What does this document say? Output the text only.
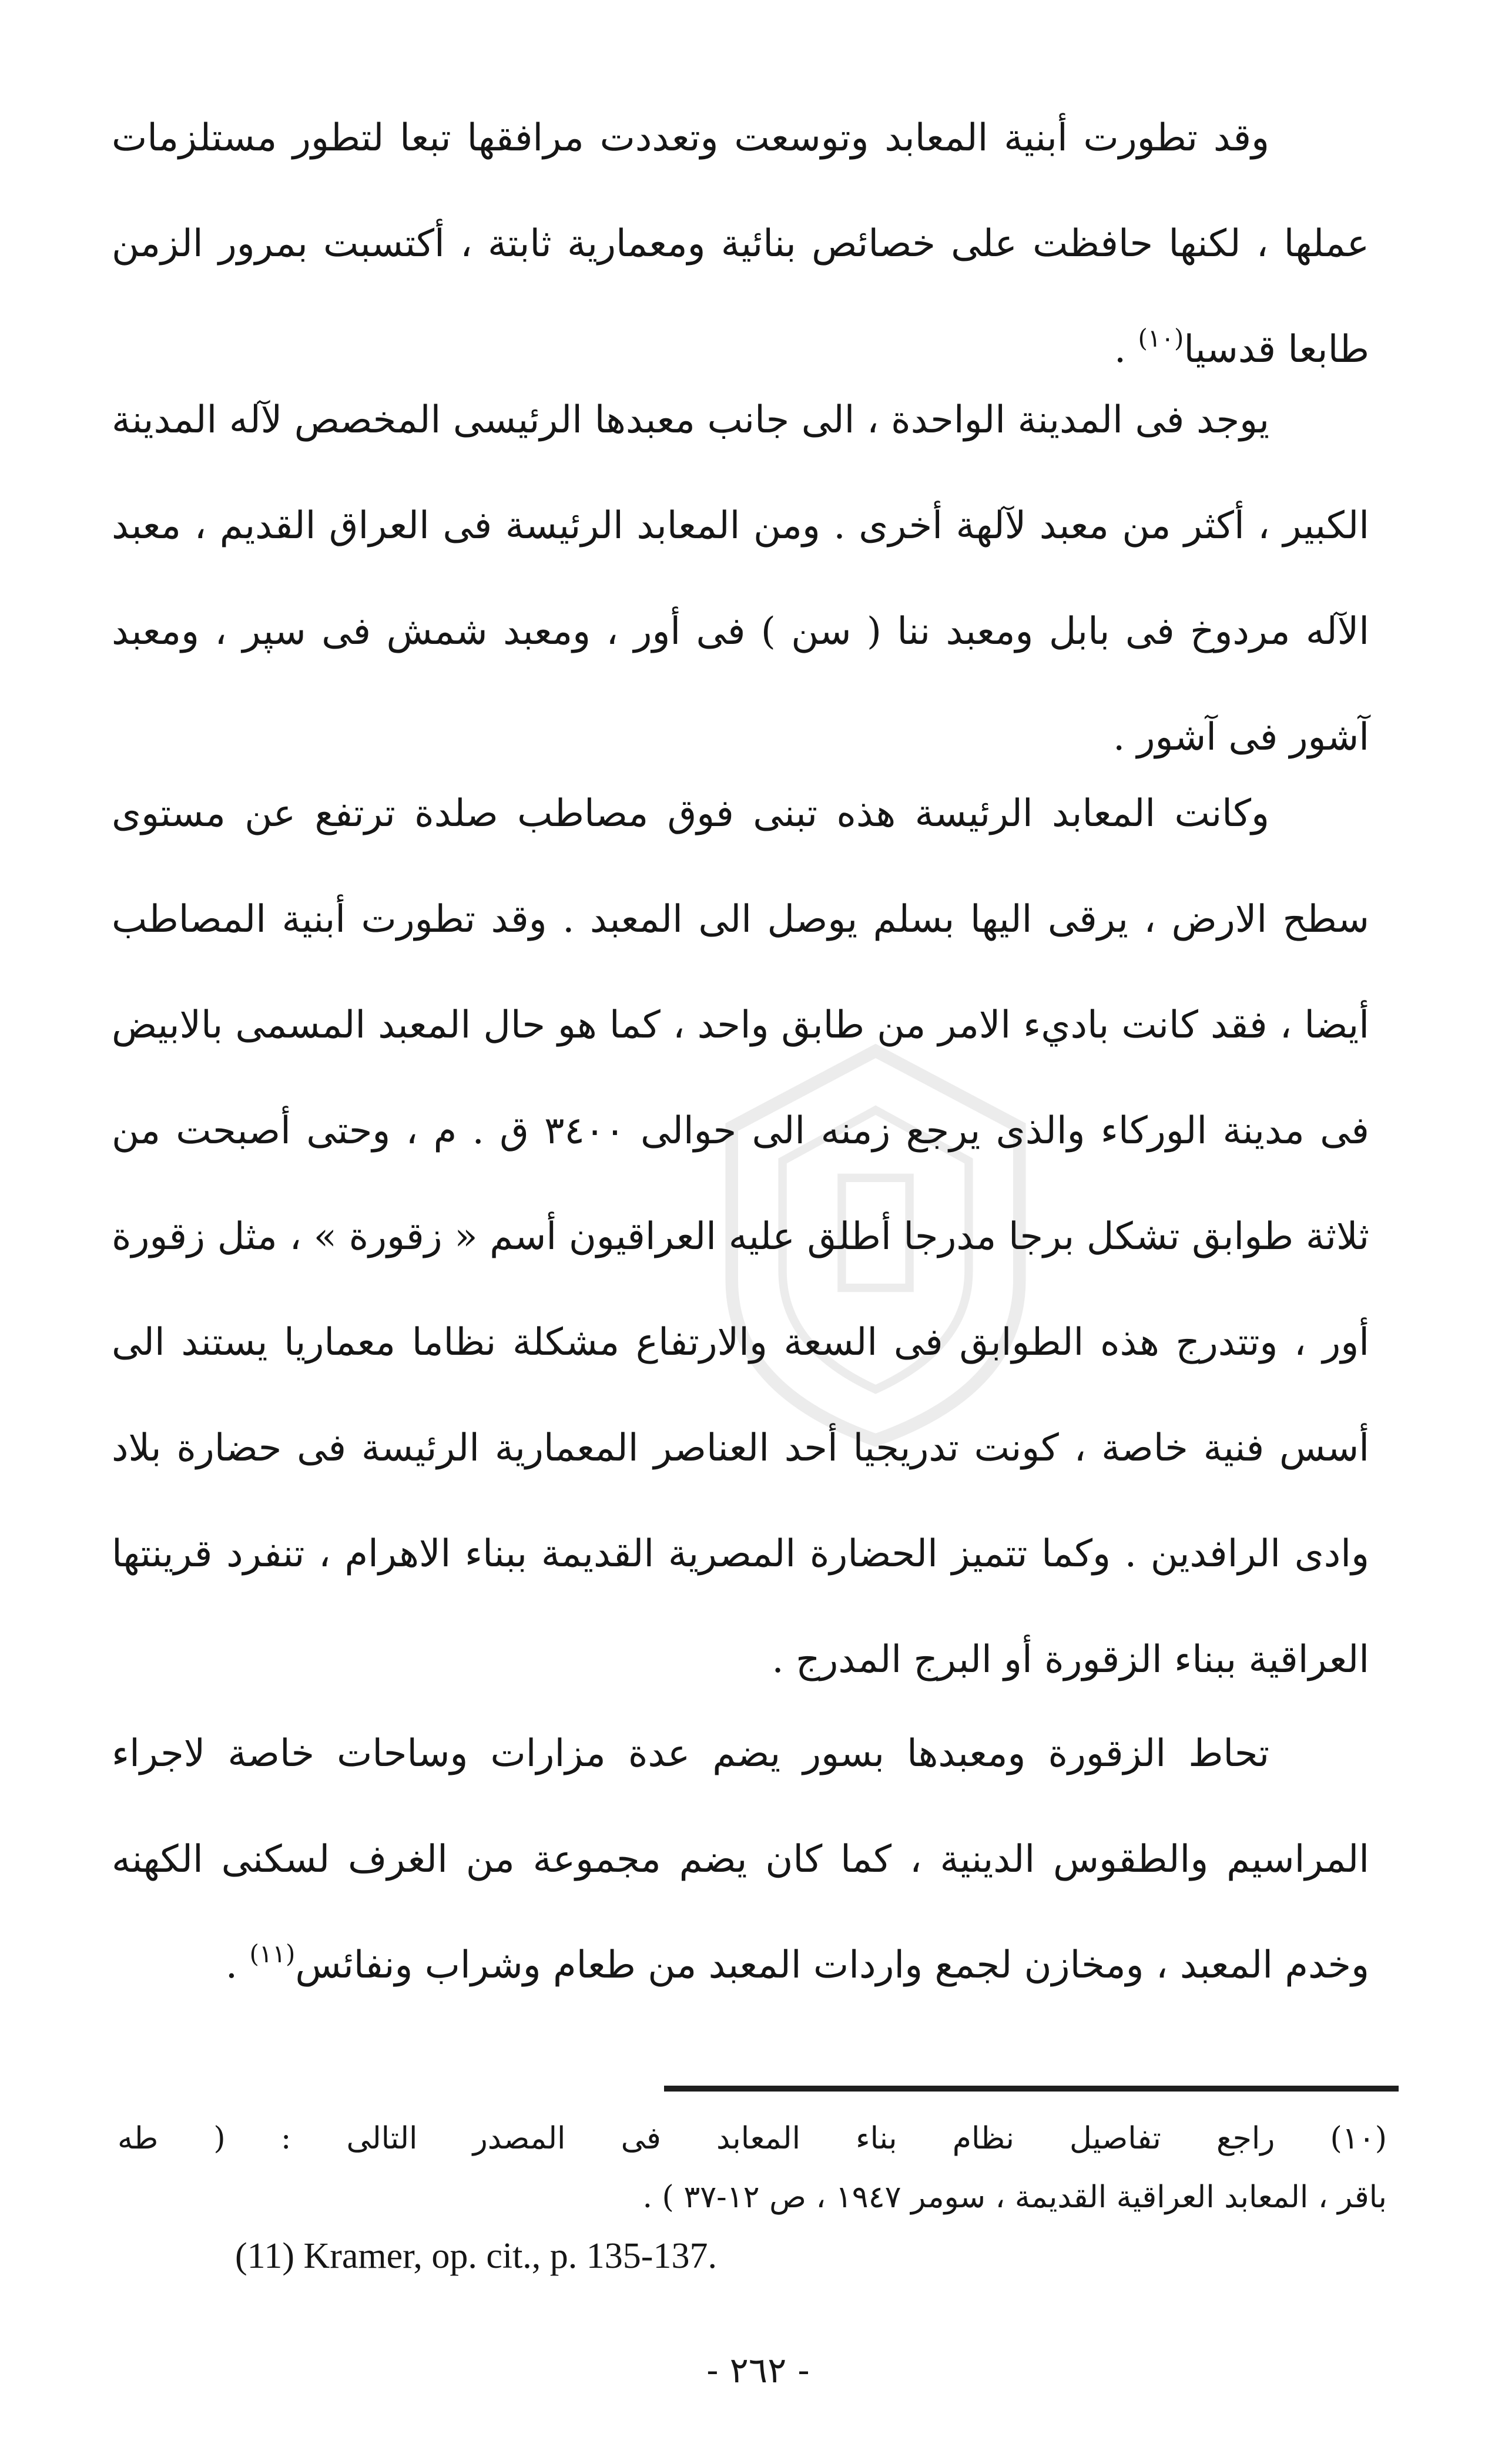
وقد تطورت أبنية المعابد وتوسعت وتعددت مرافقها تبعا لتطور مستلزمات عملها ، لكنها حافظت على خصائص بنائية ومعمارية ثابتة ، أكتسبت بمرور الزمن طابعا قدسيا$^{(١٠)}$ .

يوجد فى المدينة الواحدة ، الى جانب معبدها الرئيسى المخصص لآله المدينة الكبير ، أكثر من معبد لآلهة أخرى . ومن المعابد الرئيسة فى العراق القديم ، معبد الآله مردوخ فى بابل ومعبد ننا ( سن ) فى أور ، ومعبد شمش فى سپر ، ومعبد آشور فى آشور .

وكانت المعابد الرئيسة هذه تبنى فوق مصاطب صلدة ترتفع عن مستوى سطح الارض ، يرقى اليها بسلم يوصل الى المعبد . وقد تطورت أبنية المصاطب أيضا ، فقد كانت باديء الامر من طابق واحد ، كما هو حال المعبد المسمى بالابيض فى مدينة الوركاء والذى يرجع زمنه الى حوالى ٣٤٠٠ ق . م ، وحتى أصبحت من ثلاثة طوابق تشكل برجا مدرجا أطلق عليه العراقيون أسم « زقورة » ، مثل زقورة أور ، وتتدرج هذه الطوابق فى السعة والارتفاع مشكلة نظاما معماريا يستند الى أسس فنية خاصة ، كونت تدريجيا أحد العناصر المعمارية الرئيسة فى حضارة بلاد وادى الرافدين . وكما تتميز الحضارة المصرية القديمة ببناء الاهرام ، تنفرد قرينتها العراقية ببناء الزقورة أو البرج المدرج .

تحاط الزقورة ومعبدها بسور يضم عدة مزارات وساحات خاصة لاجراء المراسيم والطقوس الدينية ، كما كان يضم مجموعة من الغرف لسكنى الكهنه وخدم المعبد ، ومخازن لجمع واردات المعبد من طعام وشراب ونفائس$^{(١١)}$ .

(١٠) راجع تفاصيل نظام بناء المعابد فى المصدر التالى : ( طه

باقر ، المعابد العراقية القديمة ، سومر ١٩٤٧ ، ص ١٢-٣٧ ) .

(11) Kramer, op. cit., p. 135-137.

- ٢٦٢ -
